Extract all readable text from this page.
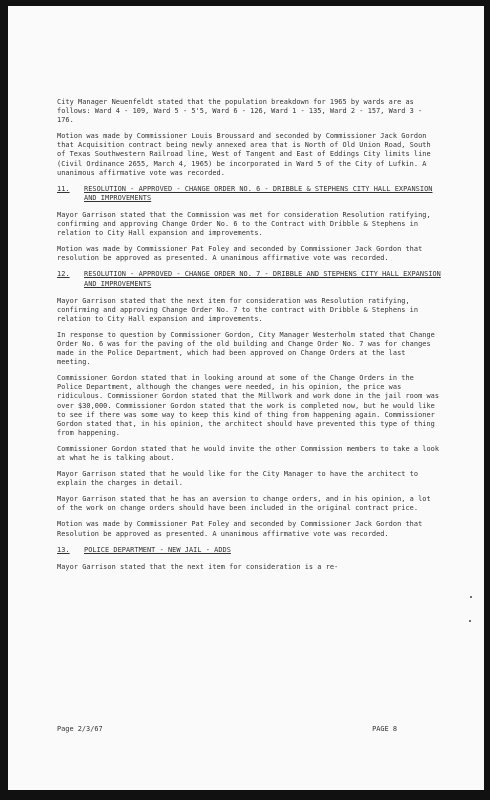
City Manager Neuenfeldt stated that the population breakdown for 1965 by wards are as follows: Ward 4 - 109, Ward 5 - 5'5, Ward 6 - 126, Ward 1 - 135, Ward 2 - 157, Ward 3 - 176.

Motion was made by Commissioner Louis Broussard and seconded by Commissioner Jack Gordon that Acquisition contract being newly annexed area that is North of Old Union Road, South of Texas Southwestern Railroad line, West of Tangent and East of Eddings City limits line (Civil Ordinance 2655, March 4, 1965) be incorporated in Ward 5 of the City of Lufkin. A unanimous affirmative vote was recorded.

11.	RESOLUTION - APPROVED - CHANGE ORDER NO. 6 - DRIBBLE & STEPHENS CITY HALL EXPANSION AND IMPROVEMENTS

Mayor Garrison stated that the Commission was met for consideration Resolution ratifying, confirming and approving Change Order No. 6 to the Contract with Dribble & Stephens in relation to City Hall expansion and improvements.

Motion was made by Commissioner Pat Foley and seconded by Commissioner Jack Gordon that resolution be approved as presented. A unanimous affirmative vote was recorded.

12.	RESOLUTION - APPROVED - CHANGE ORDER NO. 7 - DRIBBLE AND STEPHENS CITY HALL EXPANSION AND IMPROVEMENTS

Mayor Garrison stated that the next item for consideration was Resolution ratifying, confirming and approving Change Order No. 7 to the contract with Dribble & Stephens in relation to City Hall expansion and improvements.

In response to question by Commissioner Gordon, City Manager Westerholm stated that Change Order No. 6 was for the paving of the old building and Change Order No. 7 was for changes made in the Police Department, which had been approved on Change Orders at the last meeting.

Commissioner Gordon stated that in looking around at some of the Change Orders in the Police Department, although the changes were needed, in his opinion, the price was ridiculous. Commissioner Gordon stated that the Millwork and work done in the jail room was over $30,000. Commissioner Gordon stated that the work is completed now, but he would like to see if there was some way to keep this kind of thing from happening again. Commissioner Gordon stated that, in his opinion, the architect should have prevented this type of thing from happening.

Commissioner Gordon stated that he would invite the other Commission members to take a look at what he is talking about.

Mayor Garrison stated that he would like for the City Manager to have the architect to explain the charges in detail.

Mayor Garrison stated that he has an aversion to change orders, and in his opinion, a lot of the work on change orders should have been included in the original contract price.

Motion was made by Commissioner Pat Foley and seconded by Commissioner Jack Gordon that Resolution be approved as presented. A unanimous affirmative vote was recorded.

13.	POLICE DEPARTMENT - NEW JAIL - ADDS

Mayor Garrison stated that the next item for consideration is a re-

Page 2/3/67	PAGE 8
